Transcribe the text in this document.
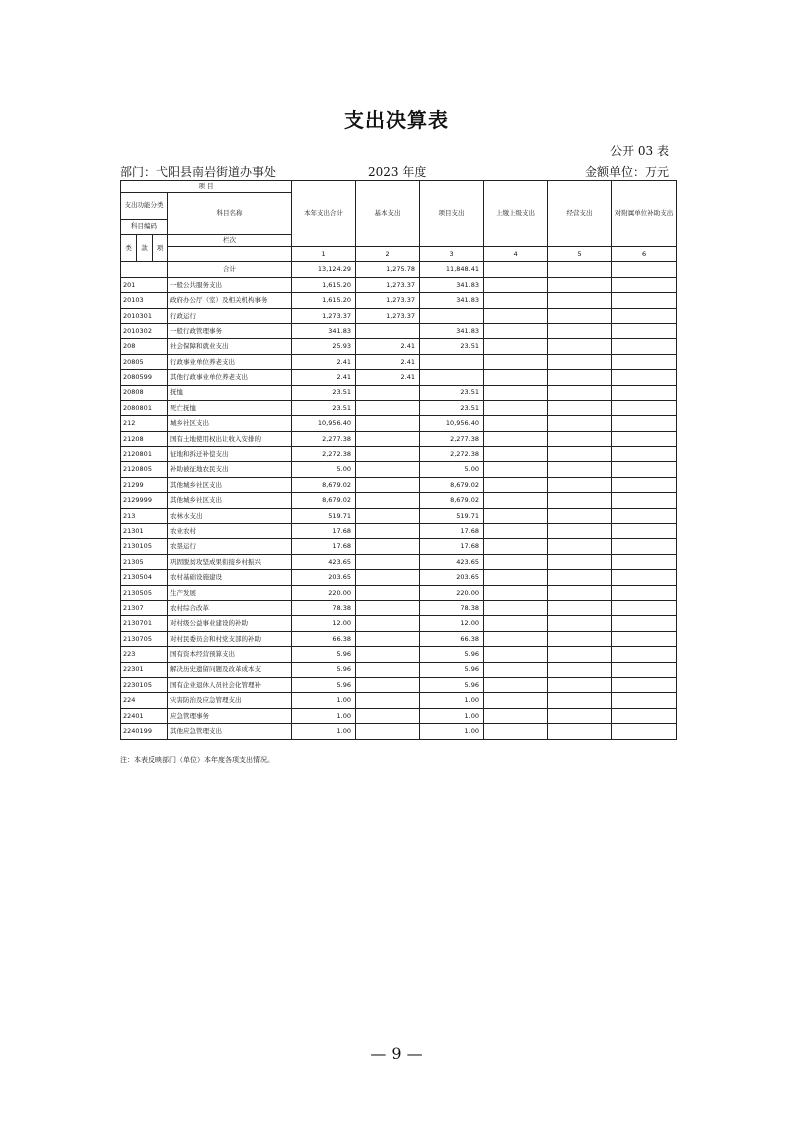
支出决算表
公开 03 表
部门：弋阳县南岩街道办事处	2023 年度	金额单位：万元
项 目				本年支出合计	基本支出	项目支出	上缴上级支出	经营支出	对附属单位补助支出
支出功能分类			科目名称						
科目编码									
类	款	项	栏次						
				1	2	3	4	5	6
			合计	13,124.29	1,275.78	11,848.41			
201			一般公共服务支出	1,615.20	1,273.37	341.83			
20103			政府办公厅（室）及相关机构事务	1,615.20	1,273.37	341.83			
2010301			行政运行	1,273.37	1,273.37				
2010302			一般行政管理事务	341.83		341.83			
208			社会保障和就业支出	25.93	2.41	23.51			
20805			行政事业单位养老支出	2.41	2.41				
2080599			其他行政事业单位养老支出	2.41	2.41				
20808			抚恤	23.51		23.51			
2080801			死亡抚恤	23.51		23.51			
212			城乡社区支出	10,956.40		10,956.40			
21208			国有土地使用权出让收入安排的	2,277.38		2,277.38			
2120801			征地和拆迁补偿支出	2,272.38		2,272.38			
2120805			补助被征地农民支出	5.00		5.00			
21299			其他城乡社区支出	8,679.02		8,679.02			
2129999			其他城乡社区支出	8,679.02		8,679.02			
213			农林水支出	519.71		519.71			
21301			农业农村	17.68		17.68			
2130105			农垦运行	17.68		17.68			
21305			巩固脱贫攻坚成果衔接乡村振兴	423.65		423.65			
2130504			农村基础设施建设	203.65		203.65			
2130505			生产发展	220.00		220.00			
21307			农村综合改革	78.38		78.38			
2130701			对村级公益事业建设的补助	12.00		12.00			
2130705			对村民委员会和村党支部的补助	66.38		66.38			
223			国有资本经营预算支出	5.96		5.96			
22301			解决历史遗留问题及改革成本支	5.96		5.96			
2230105			国有企业退休人员社会化管理补	5.96		5.96			
224			灾害防治及应急管理支出	1.00		1.00			
22401			应急管理事务	1.00		1.00			
2240199			其他应急管理支出	1.00		1.00			
注：本表反映部门（单位）本年度各项支出情况。
— 9 —
